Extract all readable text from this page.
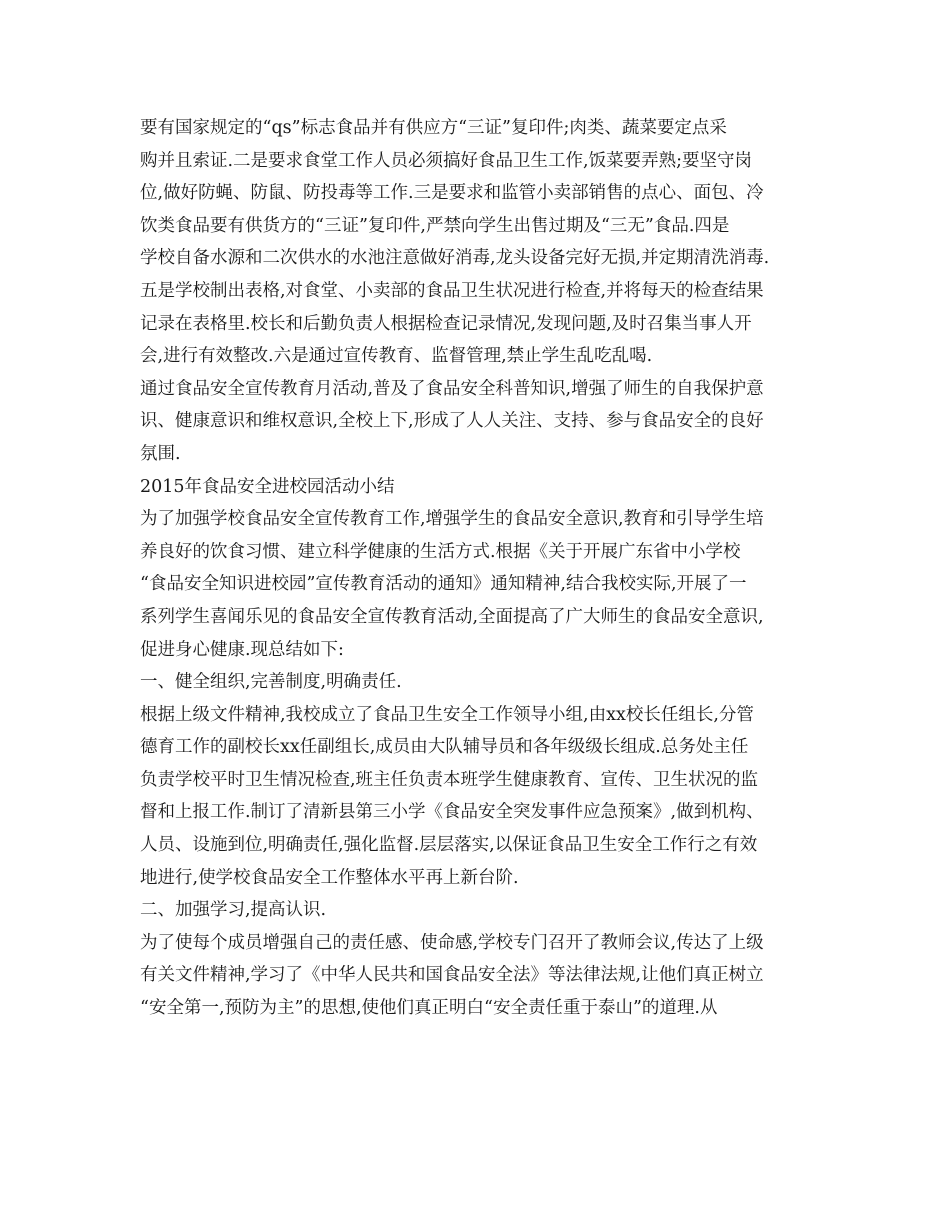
要有国家规定的“qs”标志食品并有供应方“三证”复印件;肉类、蔬菜要定点采
购并且索证.二是要求食堂工作人员必须搞好食品卫生工作,饭菜要弄熟;要坚守岗
位,做好防蝇、防鼠、防投毒等工作.三是要求和监管小卖部销售的点心、面包、冷
饮类食品要有供货方的“三证”复印件,严禁向学生出售过期及“三无”食品.四是
学校自备水源和二次供水的水池注意做好消毒,龙头设备完好无损,并定期清洗消毒.
五是学校制出表格,对食堂、小卖部的食品卫生状况进行检查,并将每天的检查结果
记录在表格里.校长和后勤负责人根据检查记录情况,发现问题,及时召集当事人开
会,进行有效整改.六是通过宣传教育、监督管理,禁止学生乱吃乱喝.
通过食品安全宣传教育月活动,普及了食品安全科普知识,增强了师生的自我保护意
识、健康意识和维权意识,全校上下,形成了人人关注、支持、参与食品安全的良好
氛围.
2015年食品安全进校园活动小结
为了加强学校食品安全宣传教育工作,增强学生的食品安全意识,教育和引导学生培
养良好的饮食习惯、建立科学健康的生活方式.根据《关于开展广东省中小学校
“食品安全知识进校园”宣传教育活动的通知》通知精神,结合我校实际,开展了一
系列学生喜闻乐见的食品安全宣传教育活动,全面提高了广大师生的食品安全意识,
促进身心健康.现总结如下:
一、健全组织,完善制度,明确责任.
根据上级文件精神,我校成立了食品卫生安全工作领导小组,由xx校长任组长,分管
德育工作的副校长xx任副组长,成员由大队辅导员和各年级级长组成.总务处主任
负责学校平时卫生情况检查,班主任负责本班学生健康教育、宣传、卫生状况的监
督和上报工作.制订了清新县第三小学《食品安全突发事件应急预案》,做到机构、
人员、设施到位,明确责任,强化监督.层层落实,以保证食品卫生安全工作行之有效
地进行,使学校食品安全工作整体水平再上新台阶.
二、加强学习,提高认识.
为了使每个成员增强自己的责任感、使命感,学校专门召开了教师会议,传达了上级
有关文件精神,学习了《中华人民共和国食品安全法》等法律法规,让他们真正树立
“安全第一,预防为主”的思想,使他们真正明白“安全责任重于泰山”的道理.从
